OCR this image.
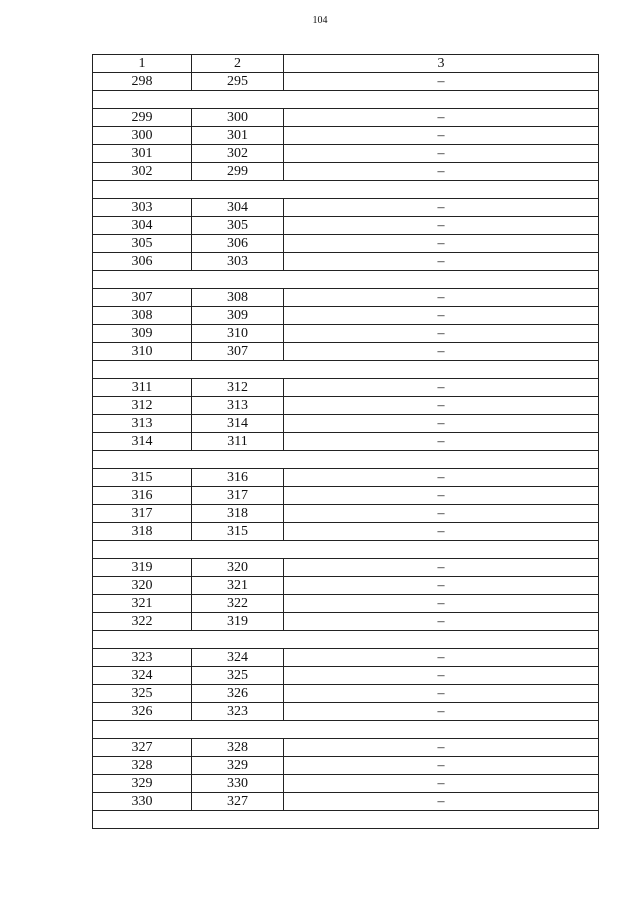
104
1	2	3
298	295	–

299	300	–
300	301	–
301	302	–
302	299	–

303	304	–
304	305	–
305	306	–
306	303	–

307	308	–
308	309	–
309	310	–
310	307	–

311	312	–
312	313	–
313	314	–
314	311	–

315	316	–
316	317	–
317	318	–
318	315	–

319	320	–
320	321	–
321	322	–
322	319	–

323	324	–
324	325	–
325	326	–
326	323	–

327	328	–
328	329	–
329	330	–
330	327	–
